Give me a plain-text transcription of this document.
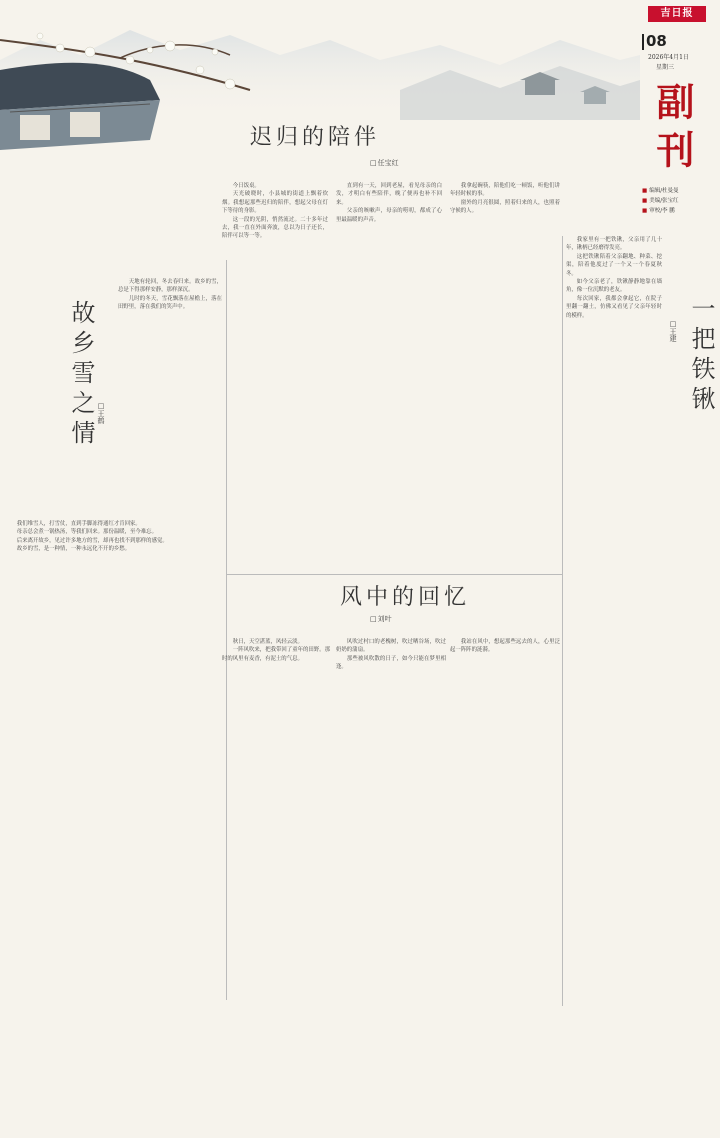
吉日报
08
2026年4月1日
星期三
副刊
■ 编辑/杜曼曼
■ 美编/张宝红
■ 审校/李 鹏
迟归的陪伴
□ 任宝红

今日饭桌。

天光破晓时，小县城的街道上飘着炊烟。我想起那些迟归的陪伴，想起父母在灯下等待的身影。

这一段的光阴，悄然流过。二十多年过去，我一直在外面奔波，总以为日子还长，陪伴可以等一等。

直到有一天，回到老屋，看见母亲的白发，才明白有些陪伴，晚了便再也补不回来。

父亲的咳嗽声，母亲的唠叨，都成了心里最温暖的声音。

我拿起碗筷，陪他们吃一顿饭，听他们讲年轻时候的事。

窗外的月亮很圆，照着归来的人，也照着守候的人。

风中的回忆
□ 刘叶

秋日，天空湛蓝，风轻云淡。

一阵风吹来，把我带回了童年的田野。那时的风里有麦香，有泥土的气息。

风吹过村口的老槐树，吹过晒谷场，吹过奶奶的蒲扇。

那些被风吹散的日子，如今只能在梦里相逢。

我站在风中，想起那些远去的人，心里泛起一阵阵的涟漪。

故乡雪之情
□ 王鹤

天地有轮回，冬去春归来。故乡的雪，总是下得那样安静，那样深沉。

儿时的冬天，雪花飘落在屋檐上，落在田野里，落在我们的笑声中。

我们堆雪人，打雪仗，直到手脚冻得通红才肯回家。

母亲总会煮一锅热汤，等我们回来。那份温暖，至今难忘。

后来离开故乡，见过许多地方的雪，却再也找不到那样的感觉。

故乡的雪，是一种情，一种永远化不开的乡愁。

一把铁锹
□ 王建

我家里有一把铁锹，父亲用了几十年，锹柄已经磨得发亮。

这把铁锹陪着父亲翻地、种菜、挖渠，陪着他度过了一个又一个春夏秋冬。

如今父亲老了，铁锹静静地靠在墙角，像一位沉默的老友。

每次回家，我都会拿起它，在院子里翻一翻土，仿佛又看见了父亲年轻时的模样。
